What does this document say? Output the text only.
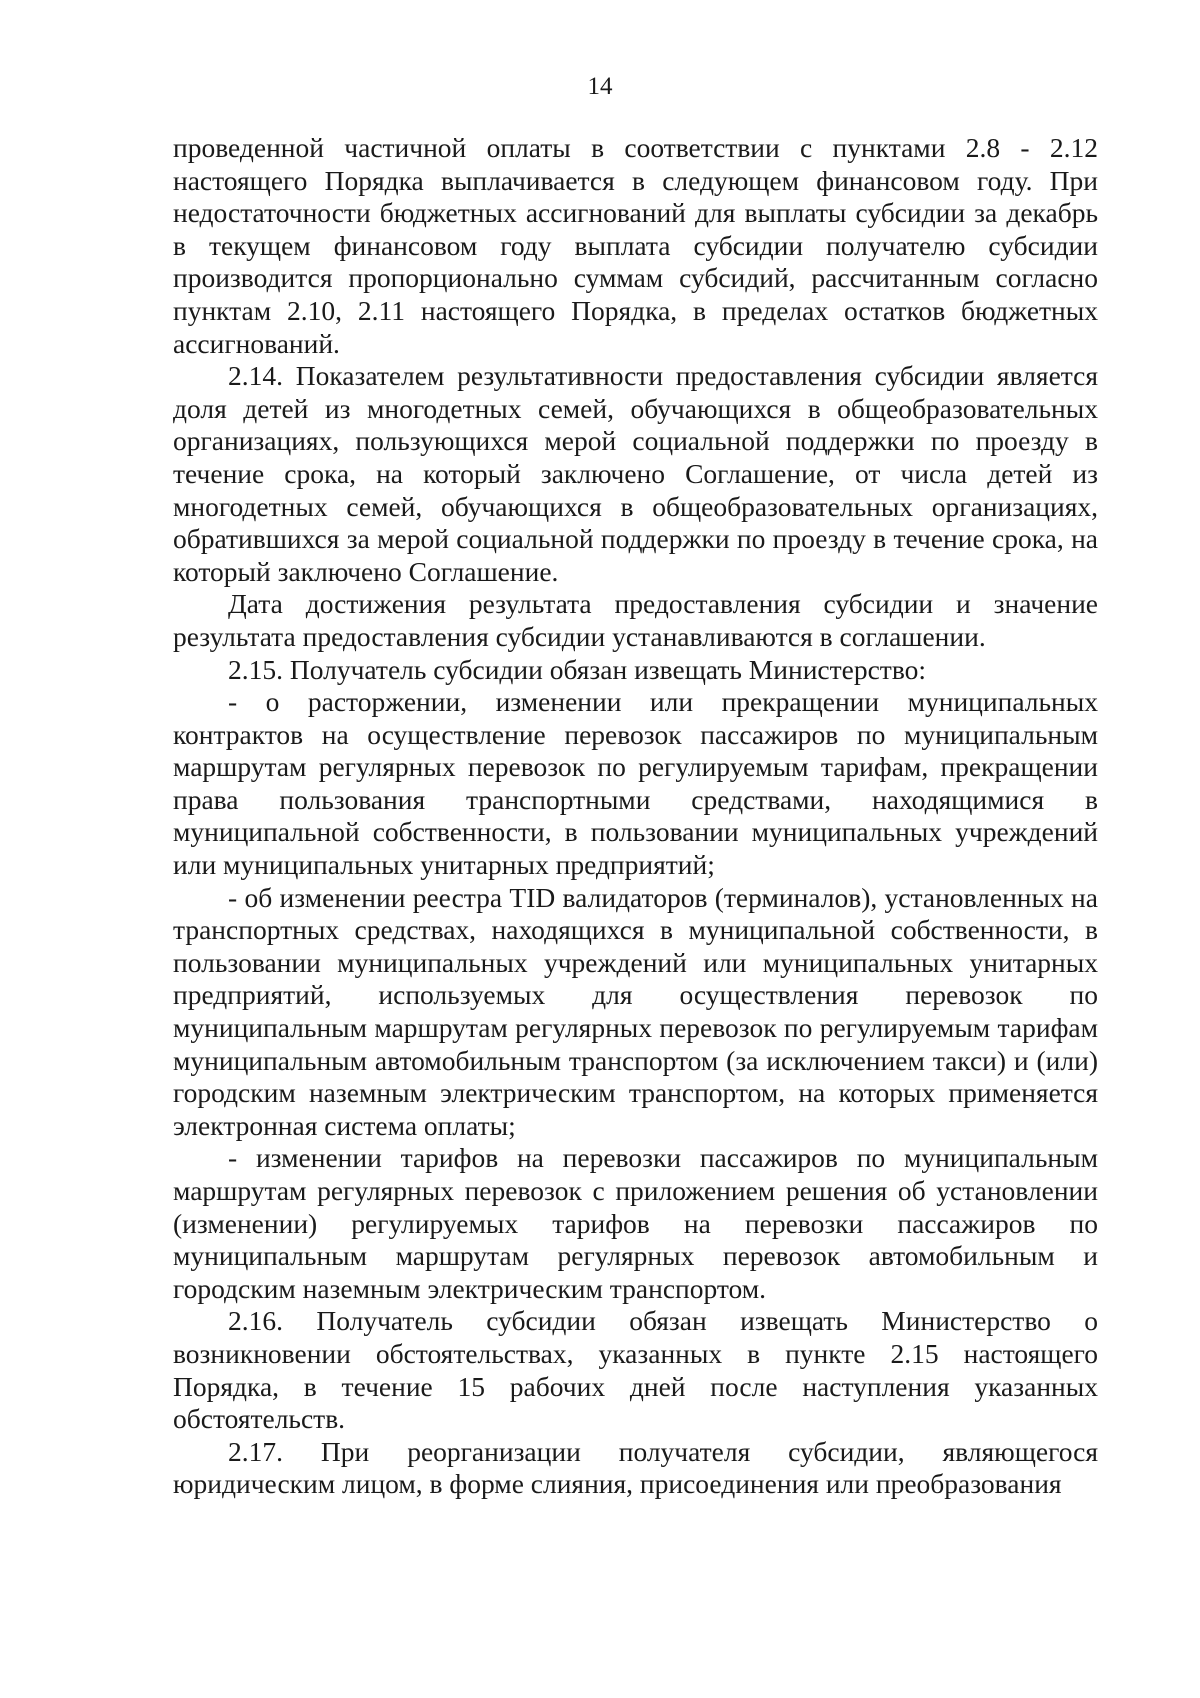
14

проведенной частичной оплаты в соответствии с пунктами 2.8 - 2.12 настоящего Порядка выплачивается в следующем финансовом году. При недостаточности бюджетных ассигнований для выплаты субсидии за декабрь в текущем финансовом году выплата субсидии получателю субсидии производится пропорционально суммам субсидий, рассчитанным согласно пунктам 2.10, 2.11 настоящего Порядка, в пределах остатков бюджетных ассигнований.

2.14. Показателем результативности предоставления субсидии является доля детей из многодетных семей, обучающихся в общеобразовательных организациях, пользующихся мерой социальной поддержки по проезду в течение срока, на который заключено Соглашение, от числа детей из многодетных семей, обучающихся в общеобразовательных организациях, обратившихся за мерой социальной поддержки по проезду в течение срока, на который заключено Соглашение.

Дата достижения результата предоставления субсидии и значение результата предоставления субсидии устанавливаются в соглашении.

2.15. Получатель субсидии обязан извещать Министерство:

- о расторжении, изменении или прекращении муниципальных контрактов на осуществление перевозок пассажиров по муниципальным маршрутам регулярных перевозок по регулируемым тарифам, прекращении права пользования транспортными средствами, находящимися в муниципальной собственности, в пользовании муниципальных учреждений или муниципальных унитарных предприятий;

- об изменении реестра TID валидаторов (терминалов), установленных на транспортных средствах, находящихся в муниципальной собственности, в пользовании муниципальных учреждений или муниципальных унитарных предприятий, используемых для осуществления перевозок по муниципальным маршрутам регулярных перевозок по регулируемым тарифам муниципальным автомобильным транспортом (за исключением такси) и (или) городским наземным электрическим транспортом, на которых применяется электронная система оплаты;

- изменении тарифов на перевозки пассажиров по муниципальным маршрутам регулярных перевозок с приложением решения об установлении (изменении) регулируемых тарифов на перевозки пассажиров по муниципальным маршрутам регулярных перевозок автомобильным и городским наземным электрическим транспортом.

2.16. Получатель субсидии обязан извещать Министерство о возникновении обстоятельствах, указанных в пункте 2.15 настоящего Порядка, в течение 15 рабочих дней после наступления указанных обстоятельств.

2.17. При реорганизации получателя субсидии, являющегося юридическим лицом, в форме слияния, присоединения или преобразования
